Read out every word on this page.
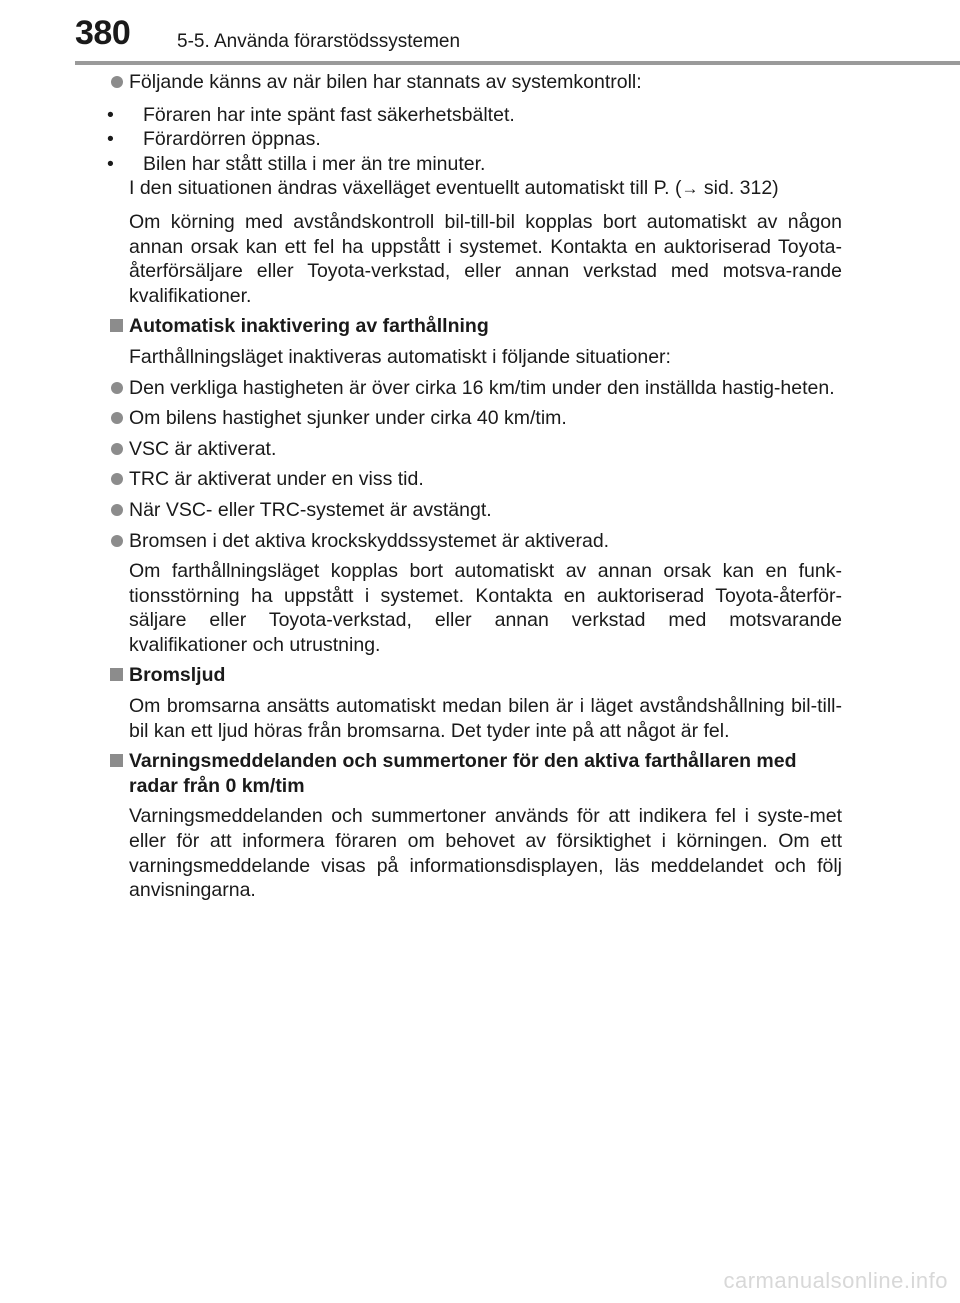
380 5-5. Använda förarstödssystemen
Följande känns av när bilen har stannats av systemkontroll:
• Föraren har inte spänt fast säkerhetsbältet.
• Förardörren öppnas.
• Bilen har stått stilla i mer än tre minuter.
I den situationen ändras växelläget eventuellt automatiskt till P. (→ sid. 312)
Om körning med avståndskontroll bil-till-bil kopplas bort automatiskt av någon annan orsak kan ett fel ha uppstått i systemet. Kontakta en auktoriserad Toyota-återförsäljare eller Toyota-verkstad, eller annan verkstad med motsva-rande kvalifikationer.
Automatisk inaktivering av farthållning
Farthållningsläget inaktiveras automatiskt i följande situationer:
Den verkliga hastigheten är över cirka 16 km/tim under den inställda hastig-heten.
Om bilens hastighet sjunker under cirka 40 km/tim.
VSC är aktiverat.
TRC är aktiverat under en viss tid.
När VSC- eller TRC-systemet är avstängt.
Bromsen i det aktiva krockskyddssystemet är aktiverad.
Om farthållningsläget kopplas bort automatiskt av annan orsak kan en funk-tionsstörning ha uppstått i systemet. Kontakta en auktoriserad Toyota-återför-säljare eller Toyota-verkstad, eller annan verkstad med motsvarande kvalifikationer och utrustning.
Bromsljud
Om bromsarna ansätts automatiskt medan bilen är i läget avståndshållning bil-till-bil kan ett ljud höras från bromsarna. Det tyder inte på att något är fel.
Varningsmeddelanden och summertoner för den aktiva farthållaren med radar från 0 km/tim
Varningsmeddelanden och summertoner används för att indikera fel i syste-met eller för att informera föraren om behovet av försiktighet i körningen. Om ett varningsmeddelande visas på informationsdisplayen, läs meddelandet och följ anvisningarna.
carmanualsonline.info
